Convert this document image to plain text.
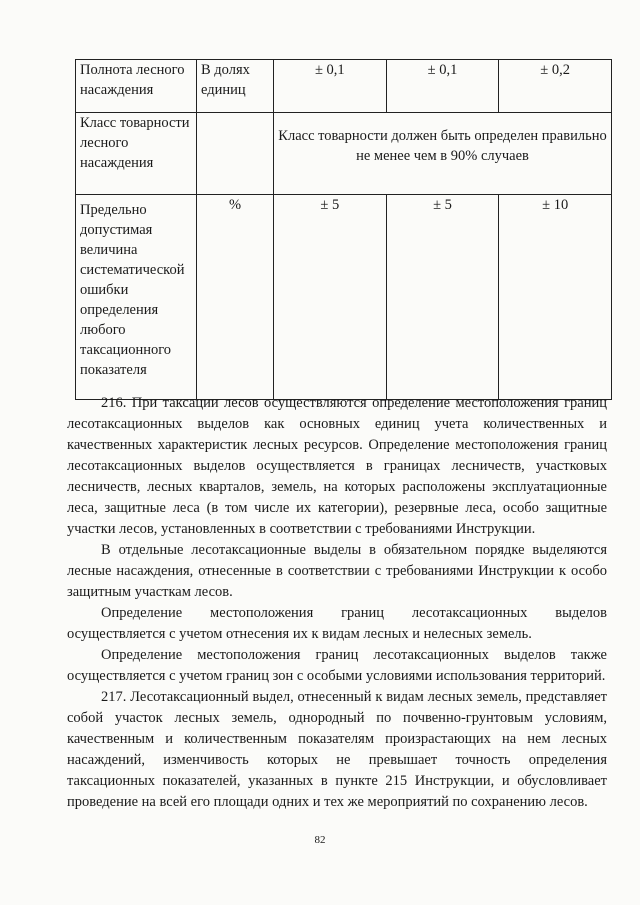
Полнота лесного насаждения	В долях единиц	± 0,1	± 0,1	± 0,2
Класс товарности лесного насаждения		Класс товарности должен быть определен правильно не менее чем в 90% случаев		
Предельно допустимая величина систематической ошибки определения любого таксационного показателя	%	± 5	± 5	± 10

216. При таксации лесов осуществляются определение местоположения границ лесотаксационных выделов как основных единиц учета количественных и качественных характеристик лесных ресурсов. Определение местоположения границ лесотаксационных выделов осуществляется в границах лесничеств, участковых лесничеств, лесных кварталов, земель, на которых расположены эксплуатационные леса, защитные леса (в том числе их категории), резервные леса, особо защитные участки лесов, установленных в соответствии с требованиями Инструкции.

В отдельные лесотаксационные выделы в обязательном порядке выделяются лесные насаждения, отнесенные в соответствии с требованиями Инструкции к особо защитным участкам лесов.

Определение местоположения границ лесотаксационных выделов осуществляется с учетом отнесения их к видам лесных и нелесных земель.

Определение местоположения границ лесотаксационных выделов также осуществляется с учетом границ зон с особыми условиями использования территорий.

217. Лесотаксационный выдел, отнесенный к видам лесных земель, представляет собой участок лесных земель, однородный по почвенно-грунтовым условиям, качественным и количественным показателям произрастающих на нем лесных насаждений, изменчивость которых не превышает точность определения таксационных показателей, указанных в пункте 215 Инструкции, и обусловливает проведение на всей его площади одних и тех же мероприятий по сохранению лесов.

82
